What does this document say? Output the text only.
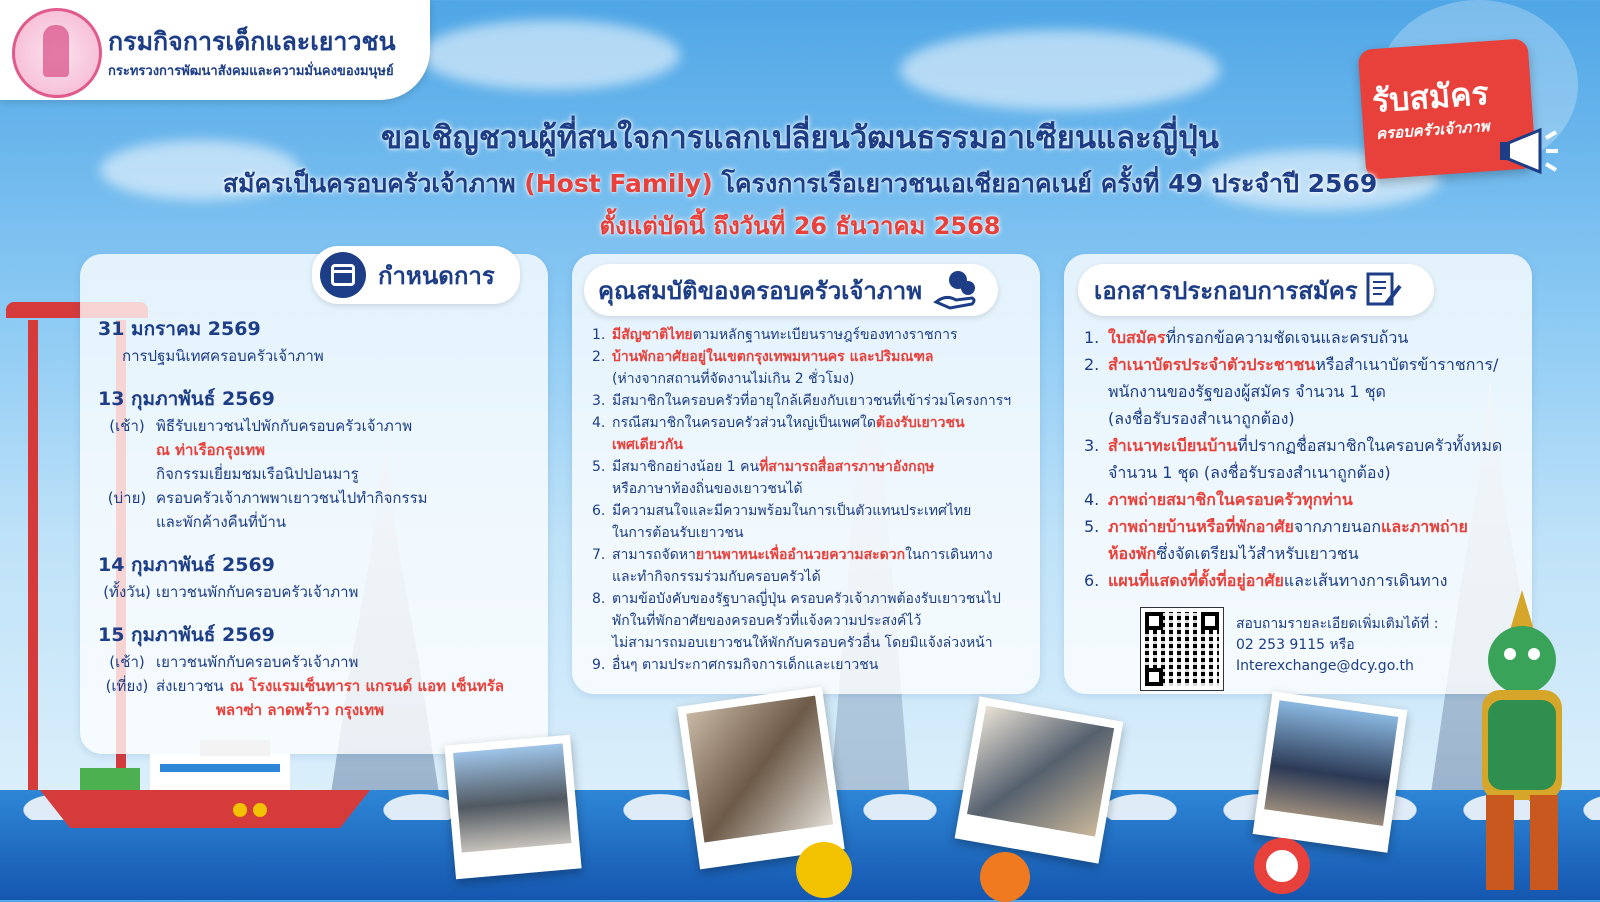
กรมกิจการเด็กและเยาวชน
กระทรวงการพัฒนาสังคมและความมั่นคงของมนุษย์
รับสมัคร
ครอบครัวเจ้าภาพ
ขอเชิญชวนผู้ที่สนใจการแลกเปลี่ยนวัฒนธรรมอาเซียนและญี่ปุ่น
สมัครเป็นครอบครัวเจ้าภาพ (Host Family) โครงการเรือเยาวชนเอเชียอาคเนย์ ครั้งที่ 49 ประจำปี 2569
ตั้งแต่บัดนี้ ถึงวันที่ 26 ธันวาคม 2568
กำหนดการ
31 มกราคม 2569
การปฐมนิเทศครอบครัวเจ้าภาพ
13 กุมภาพันธ์ 2569
(เช้า) พิธีรับเยาวชนไปพักกับครอบครัวเจ้าภาพ
ณ ท่าเรือกรุงเทพ
กิจกรรมเยี่ยมชมเรือนิปปอนมารู
(บ่าย) ครอบครัวเจ้าภาพพาเยาวชนไปทำกิจกรรม
และพักค้างคืนที่บ้าน
14 กุมภาพันธ์ 2569
(ทั้งวัน) เยาวชนพักกับครอบครัวเจ้าภาพ
15 กุมภาพันธ์ 2569
(เช้า) เยาวชนพักกับครอบครัวเจ้าภาพ
(เที่ยง) ส่งเยาวชน ณ โรงแรมเซ็นทารา แกรนด์ แอท เซ็นทรัล
พลาซ่า ลาดพร้าว กรุงเทพ
คุณสมบัติของครอบครัวเจ้าภาพ
1. มีสัญชาติไทย ตามหลักฐานทะเบียนราษฎร์ของทางราชการ
2. บ้านพักอาศัยอยู่ในเขตกรุงเทพมหานคร และปริมณฑล
(ห่างจากสถานที่จัดงานไม่เกิน 2 ชั่วโมง)
3. มีสมาชิกในครอบครัวที่อายุใกล้เคียงกับเยาวชนที่เข้าร่วมโครงการฯ
4. กรณีสมาชิกในครอบครัวส่วนใหญ่เป็นเพศใด ต้องรับเยาวชน
เพศเดียวกัน
5. มีสมาชิกอย่างน้อย 1 คน ที่สามารถสื่อสารภาษาอังกฤษ
หรือภาษาท้องถิ่นของเยาวชนได้
6. มีความสนใจและมีความพร้อมในการเป็นตัวแทนประเทศไทย
ในการต้อนรับเยาวชน
7. สามารถจัดหา ยานพาหนะเพื่ออำนวยความสะดวก ในการเดินทาง
และทำกิจกรรมร่วมกับครอบครัวได้
8. ตามข้อบังคับของรัฐบาลญี่ปุ่น ครอบครัวเจ้าภาพต้องรับเยาวชนไป
พักในที่พักอาศัยของครอบครัวที่แจ้งความประสงค์ไว้
ไม่สามารถมอบเยาวชนให้พักกับครอบครัวอื่น โดยมิแจ้งล่วงหน้า
9. อื่นๆ ตามประกาศกรมกิจการเด็กและเยาวชน
เอกสารประกอบการสมัคร
1. ใบสมัคร ที่กรอกข้อความชัดเจนและครบถ้วน
2. สำเนาบัตรประจำตัวประชาชน หรือสำเนาบัตรข้าราชการ/
พนักงานของรัฐของผู้สมัคร จำนวน 1 ชุด
(ลงชื่อรับรองสำเนาถูกต้อง)
3. สำเนาทะเบียนบ้าน ที่ปรากฏชื่อสมาชิกในครอบครัวทั้งหมด
จำนวน 1 ชุด (ลงชื่อรับรองสำเนาถูกต้อง)
4. ภาพถ่ายสมาชิกในครอบครัวทุกท่าน
5. ภาพถ่ายบ้านหรือที่พักอาศัย จากภายนอก และภาพถ่าย
ห้องพัก ซึ่งจัดเตรียมไว้สำหรับเยาวชน
6. แผนที่แสดงที่ตั้งที่อยู่อาศัย และเส้นทางการเดินทาง
สอบถามรายละเอียดเพิ่มเติมได้ที่ :
02 253 9115 หรือ
Interexchange@dcy.go.th
